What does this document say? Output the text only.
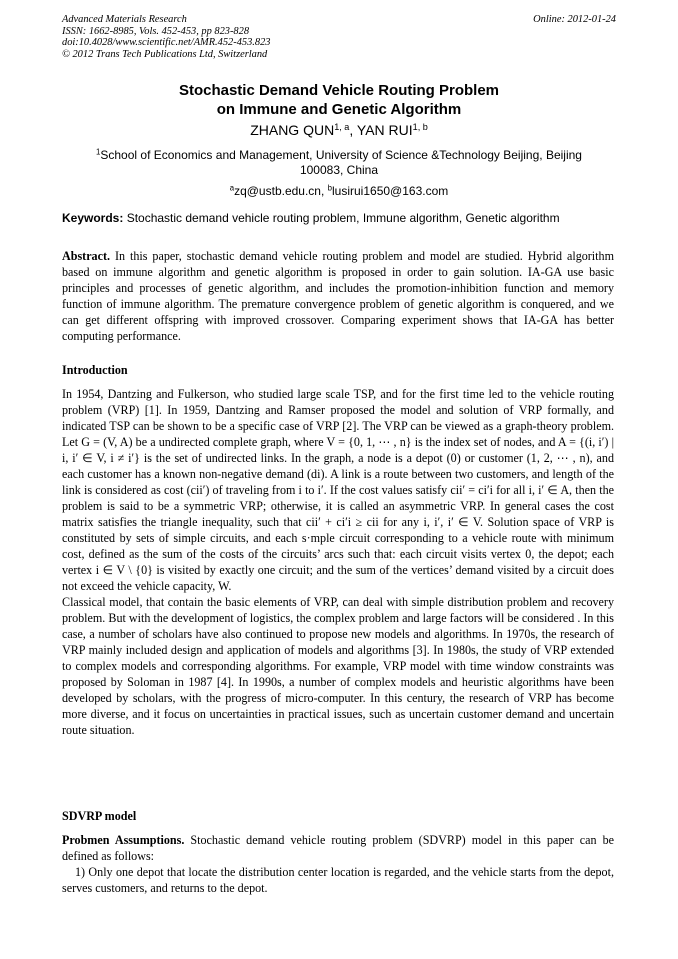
Advanced Materials Research
ISSN: 1662-8985, Vols. 452-453, pp 823-828
doi:10.4028/www.scientific.net/AMR.452-453.823
© 2012 Trans Tech Publications Ltd, Switzerland
Online: 2012-01-24
Stochastic Demand Vehicle Routing Problem
on Immune and Genetic Algorithm
ZHANG QUN$^{1, a}$, YAN RUI$^{1, b}$
$^1$School of Economics and Management, University of Science &Technology Beijing, Beijing 100083, China
$^a$zq@ustb.edu.cn, $^b$lusirui1650@163.com
Keywords: Stochastic demand vehicle routing problem, Immune algorithm, Genetic algorithm

Abstract. In this paper, stochastic demand vehicle routing problem and model are studied. Hybrid algorithm based on immune algorithm and genetic algorithm is proposed in order to gain solution. IA-GA use basic principles and processes of genetic algorithm, and includes the promotion-inhibition function and memory function of immune algorithm. The premature convergence problem of genetic algorithm is conquered, and we can get different offspring with improved crossover. Comparing experiment shows that IA-GA has better computing performance.

Introduction

In 1954, Dantzing and Fulkerson, who studied large scale TSP, and for the first time led to the vehicle routing problem (VRP) [1]. In 1959, Dantzing and Ramser proposed the model and solution of VRP formally, and indicated TSP can be shown to be a specific case of VRP [2]. The VRP can be viewed as a graph-theory problem. Let G = (V, A) be a undirected complete graph, where V = {0, 1, ⋯ , n} is the index set of nodes, and A = {(i, i′) | i, i′ ∈ V, i ≠ i′} is the set of undirected links. In the graph, a node is a depot (0) or customer (1, 2, ⋯ , n), and each customer has a known non-negative demand (di). A link is a route between two customers, and length of the link is considered as cost (cii′) of traveling from i to i′. If the cost values satisfy cii′ = ci′i for all i, i′ ∈ A, then the problem is said to be a symmetric VRP; otherwise, it is called an asymmetric VRP. In general cases the cost matrix satisfies the triangle inequality, such that cii′ + ci′i ≥ cii for any i, i′, i′ ∈ V. Solution space of VRP is constituted by sets of simple circuits, and each s·mple circuit corresponding to a vehicle route with minimum cost, defined as the sum of the costs of the circuits’ arcs such that: each circuit visits vertex 0, the depot; each vertex i ∈ V \ {0} is visited by exactly one circuit; and the sum of the vertices’ demand visited by a circuit does not exceed the vehicle capacity, W.

Classical model, that contain the basic elements of VRP, can deal with simple distribution problem and recovery problem. But with the development of logistics, the complex problem and large factors will be considered . In this case, a number of scholars have also continued to propose new models and algorithms. In 1970s, the research of VRP mainly included design and application of models and algorithms [3]. In 1980s, the study of VRP extended to complex models and corresponding algorithms. For example, VRP model with time window constraints was proposed by Soloman in 1987 [4]. In 1990s, a number of complex models and heuristic algorithms have been developed by scholars, with the progress of micro-computer. In this century, the research of VRP has become more diverse, and it focus on uncertainties in practical issues, such as uncertain customer demand and uncertain route situation.

SDVRP model

Probmen Assumptions. Stochastic demand vehicle routing problem (SDVRP) model in this paper can be defined as follows:

1) Only one depot that locate the distribution center location is regarded, and the vehicle starts from the depot, serves customers, and returns to the depot.
